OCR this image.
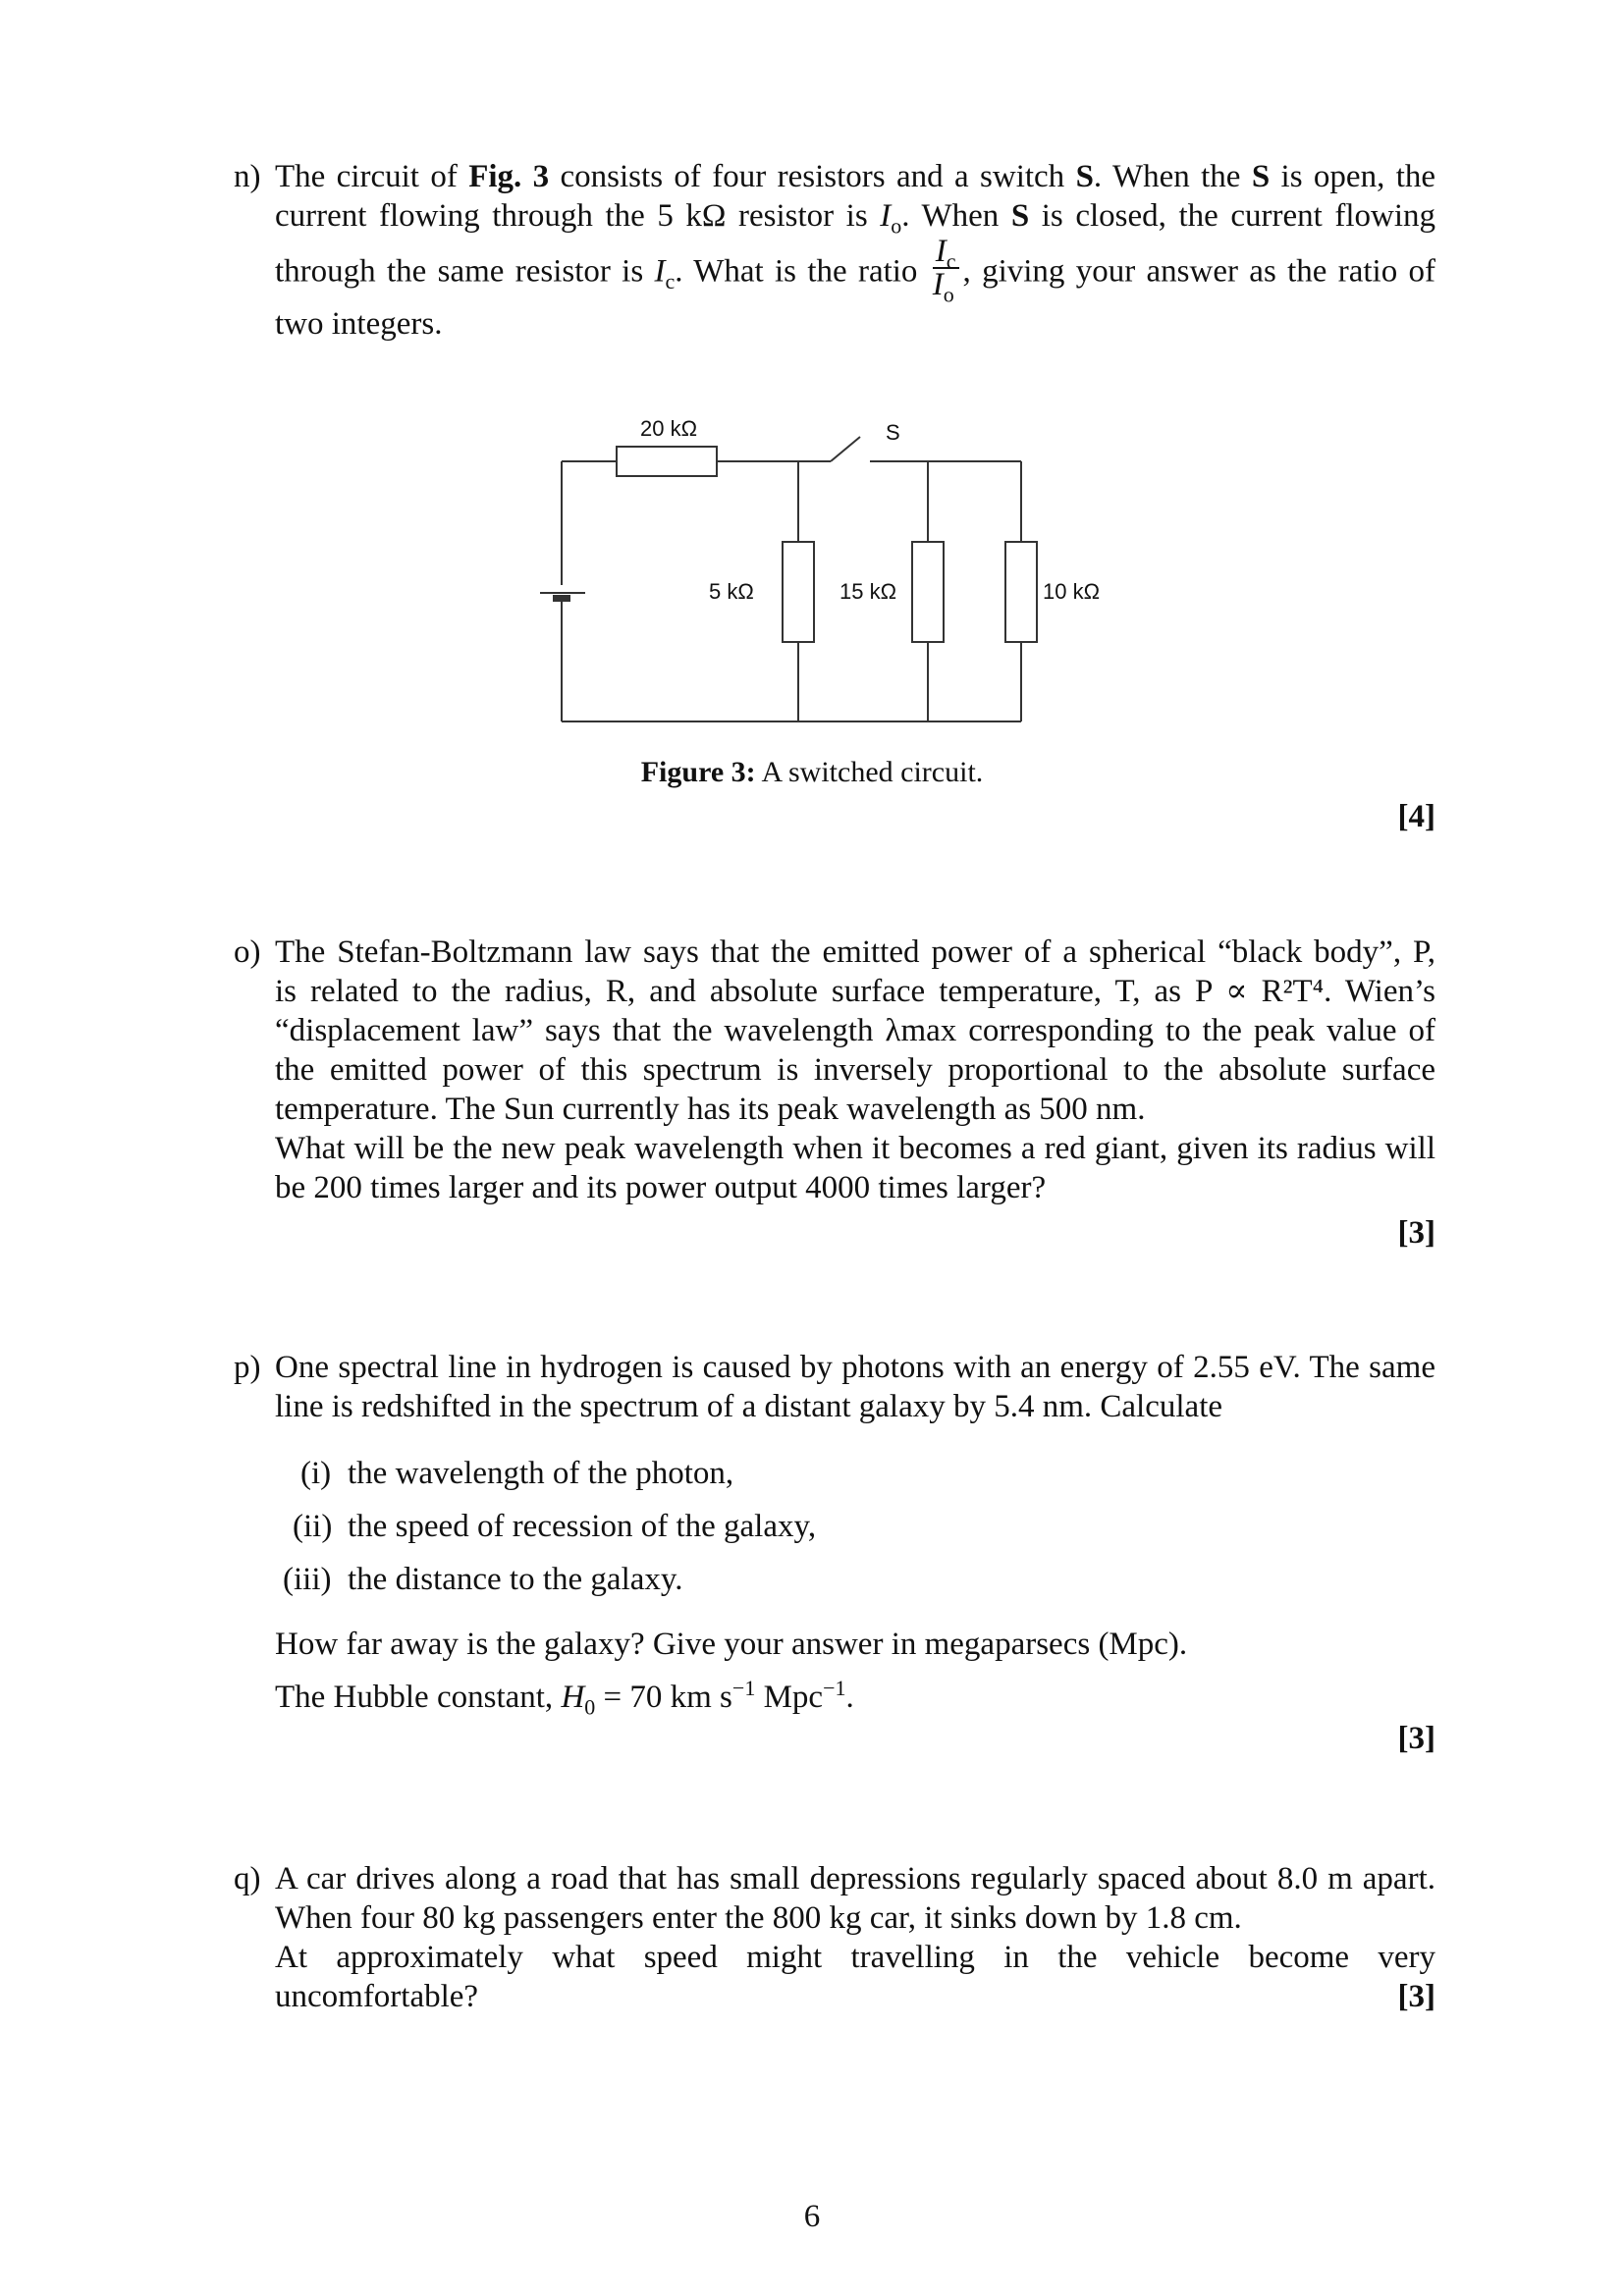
n) The circuit of Fig. 3 consists of four resistors and a switch S. When the S is open, the
current flowing through the 5 kΩ resistor is $I_o$. When S is closed, the current flowing
through the same resistor is $I_c$. What is the ratio $\frac{I_c}{I_o}$ , giving your answer as the ratio of
two integers.
20 kΩ	S
5 kΩ	15 kΩ	10 kΩ
Figure 3: A switched circuit.
[4]
o) The Stefan-Boltzmann law says that the emitted power of a spherical “black body”, P,
is related to the radius, R, and absolute surface temperature, T, as P ∝ R²T⁴. Wien’s
“displacement law” says that the wavelength λmax corresponding to the peak value of
the emitted power of this spectrum is inversely proportional to the absolute surface
temperature. The Sun currently has its peak wavelength as 500 nm.
What will be the new peak wavelength when it becomes a red giant, given its radius will
be 200 times larger and its power output 4000 times larger?
[3]
p) One spectral line in hydrogen is caused by photons with an energy of 2.55 eV. The same
line is redshifted in the spectrum of a distant galaxy by 5.4 nm. Calculate
(i) the wavelength of the photon,
(ii) the speed of recession of the galaxy,
(iii) the distance to the galaxy.
How far away is the galaxy? Give your answer in megaparsecs (Mpc).
The Hubble constant, $H_0 = 70$ km $s^{-1}$ Mpc$^{-1}$.
[3]
q) A car drives along a road that has small depressions regularly spaced about 8.0 m apart.
When four 80 kg passengers enter the 800 kg car, it sinks down by 1.8 cm.
At approximately what speed might travelling in the vehicle become very uncomfortable?	[3]
6
